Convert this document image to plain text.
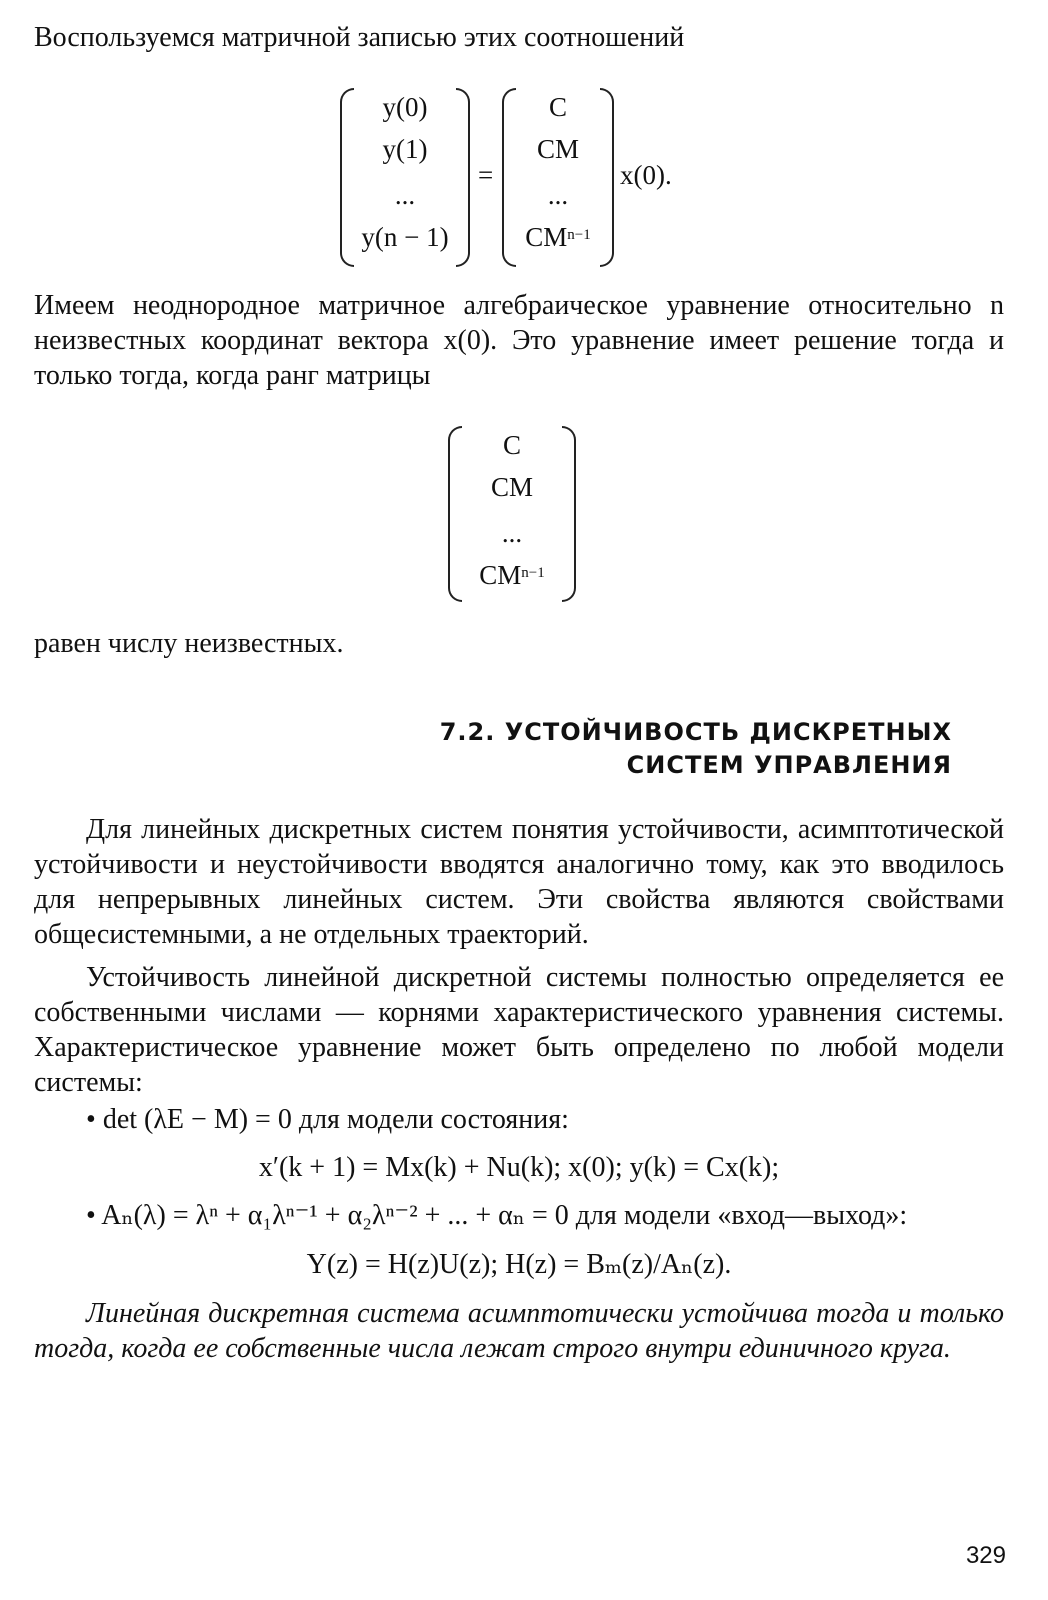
Воспользуемся матричной записью этих соотношений

y(0)
y(1)
...
y(n − 1)
=
C
CM
...
$CM^{n-1}$
x(0).

Имеем неоднородное матричное алгебраическое уравнение относительно n неизвестных координат вектора x(0). Это уравнение имеет решение тогда и только тогда, когда ранг матрицы

C
CM
...
$CM^{n-1}$

равен числу неизвестных.

7.2. УСТОЙЧИВОСТЬ ДИСКРЕТНЫХ
СИСТЕМ УПРАВЛЕНИЯ

Для линейных дискретных систем понятия устойчивости, асимптотической устойчивости и неустойчивости вводятся аналогично тому, как это вводилось для непрерывных линейных систем. Эти свойства являются свойствами общесистемными, а не отдельных траекторий.

Устойчивость линейной дискретной системы полностью определяется ее собственными числами — корнями характеристического уравнения системы. Характеристическое уравнение может быть определено по любой модели системы:

• det (λE − M) = 0 для модели состояния:

x′(k + 1) = Mx(k) + Nu(k); x(0); y(k) = Cx(k);

• Aₙ(λ) = λⁿ + α₁λⁿ⁻¹ + α₂λⁿ⁻² + ... + αₙ = 0 для модели «вход—выход»:

Y(z) = H(z)U(z); H(z) = Bₘ(z)/Aₙ(z).

Линейная дискретная система асимптотически устойчива тогда и только тогда, когда ее собственные числа лежат строго внутри единичного круга.

329
